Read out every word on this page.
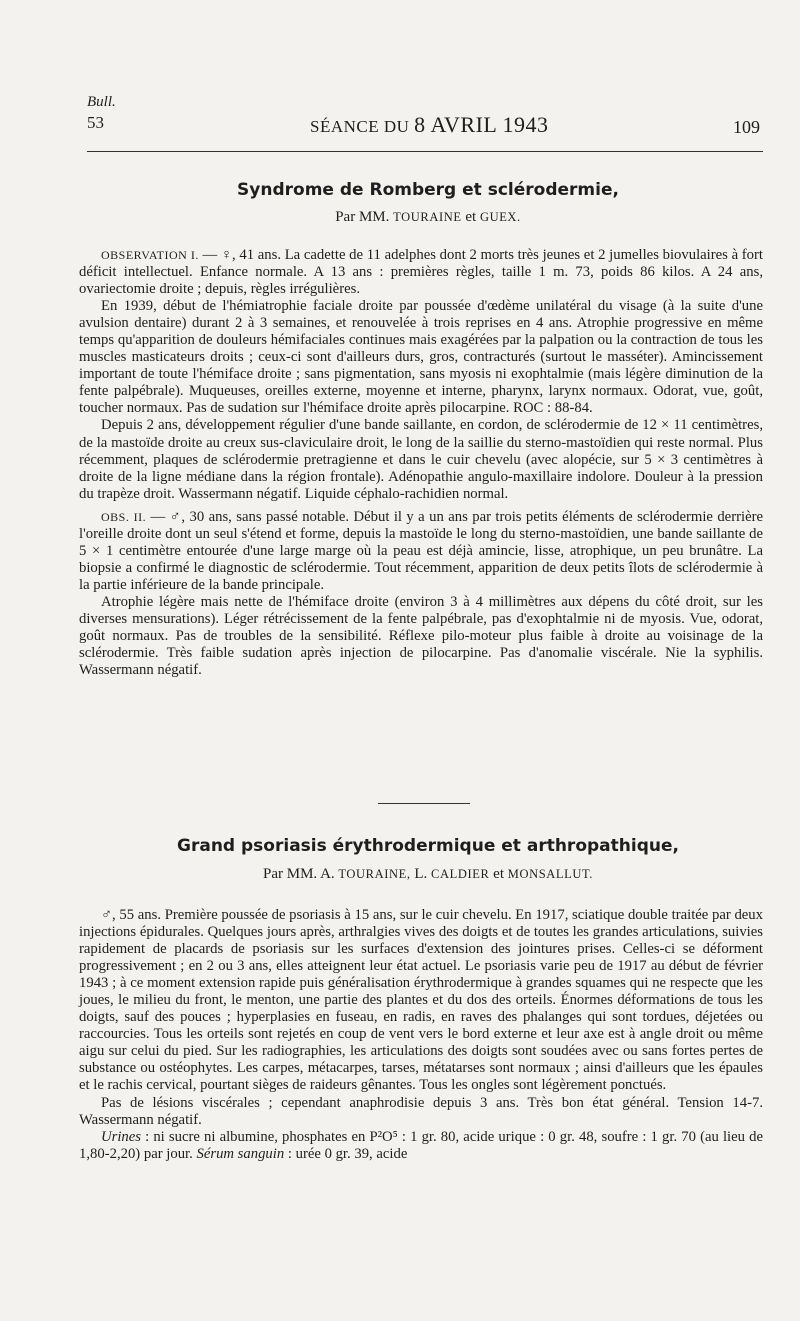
Bull.
53	SÉANCE DU 8 AVRIL 1943	109
Syndrome de Romberg et sclérodermie,
Par MM. TOURAINE et GUEX.

OBSERVATION I. — ♀, 41 ans. La cadette de 11 adelphes dont 2 morts très jeunes et 2 jumelles biovulaires à fort déficit intellectuel. Enfance normale. A 13 ans : premières règles, taille 1 m. 73, poids 86 kilos. A 24 ans, ovariectomie droite ; depuis, règles irrégulières.

En 1939, début de l'hémiatrophie faciale droite par poussée d'œdème unilatéral du visage (à la suite d'une avulsion dentaire) durant 2 à 3 semaines, et renouvelée à trois reprises en 4 ans. Atrophie progressive en même temps qu'apparition de douleurs hémifaciales continues mais exagérées par la palpation ou la contraction de tous les muscles masticateurs droits ; ceux-ci sont d'ailleurs durs, gros, contracturés (surtout le masséter). Amincissement important de toute l'hémiface droite ; sans pigmentation, sans myosis ni exophtalmie (mais légère diminution de la fente palpébrale). Muqueuses, oreilles externe, moyenne et interne, pharynx, larynx normaux. Odorat, vue, goût, toucher normaux. Pas de sudation sur l'hémiface droite après pilocarpine. ROC : 88-84.

Depuis 2 ans, développement régulier d'une bande saillante, en cordon, de sclérodermie de 12 × 11 centimètres, de la mastoïde droite au creux sus-claviculaire droit, le long de la saillie du sterno-mastoïdien qui reste normal. Plus récemment, plaques de sclérodermie pretragienne et dans le cuir chevelu (avec alopécie, sur 5 × 3 centimètres à droite de la ligne médiane dans la région frontale). Adénopathie angulo-maxillaire indolore. Douleur à la pression du trapèze droit. Wassermann négatif. Liquide céphalo-rachidien normal.

OBS. II. — ♂, 30 ans, sans passé notable. Début il y a un ans par trois petits éléments de sclérodermie derrière l'oreille droite dont un seul s'étend et forme, depuis la mastoïde le long du sterno-mastoïdien, une bande saillante de 5 × 1 centimètre entourée d'une large marge où la peau est déjà amincie, lisse, atrophique, un peu brunâtre. La biopsie a confirmé le diagnostic de sclérodermie. Tout récemment, apparition de deux petits îlots de sclérodermie à la partie inférieure de la bande principale.

Atrophie légère mais nette de l'hémiface droite (environ 3 à 4 millimètres aux dépens du côté droit, sur les diverses mensurations). Léger rétrécissement de la fente palpébrale, pas d'exophtalmie ni de myosis. Vue, odorat, goût normaux. Pas de troubles de la sensibilité. Réflexe pilo-moteur plus faible à droite au voisinage de la sclérodermie. Très faible sudation après injection de pilocarpine. Pas d'anomalie viscérale. Nie la syphilis. Wassermann négatif.

Grand psoriasis érythrodermique et arthropathique,
Par MM. A. TOURAINE, L. CALDIER et MONSALLUT.

♂, 55 ans. Première poussée de psoriasis à 15 ans, sur le cuir chevelu. En 1917, sciatique double traitée par deux injections épidurales. Quelques jours après, arthralgies vives des doigts et de toutes les grandes articulations, suivies rapidement de placards de psoriasis sur les surfaces d'extension des jointures prises. Celles-ci se déforment progressivement ; en 2 ou 3 ans, elles atteignent leur état actuel. Le psoriasis varie peu de 1917 au début de février 1943 ; à ce moment extension rapide puis généralisation érythrodermique à grandes squames qui ne respecte que les joues, le milieu du front, le menton, une partie des plantes et du dos des orteils. Énormes déformations de tous les doigts, sauf des pouces ; hyperplasies en fuseau, en radis, en raves des phalanges qui sont tordues, déjetées ou raccourcies. Tous les orteils sont rejetés en coup de vent vers le bord externe et leur axe est à angle droit ou même aigu sur celui du pied. Sur les radiographies, les articulations des doigts sont soudées avec ou sans fortes pertes de substance ou ostéophytes. Les carpes, métacarpes, tarses, métatarses sont normaux ; ainsi d'ailleurs que les épaules et le rachis cervical, pourtant sièges de raideurs gênantes. Tous les ongles sont légèrement ponctués.

Pas de lésions viscérales ; cependant anaphrodisie depuis 3 ans. Très bon état général. Tension 14-7. Wassermann négatif.

Urines : ni sucre ni albumine, phosphates en P²O⁵ : 1 gr. 80, acide urique : 0 gr. 48, soufre : 1 gr. 70 (au lieu de 1,80-2,20) par jour. Sérum sanguin : urée 0 gr. 39, acide
